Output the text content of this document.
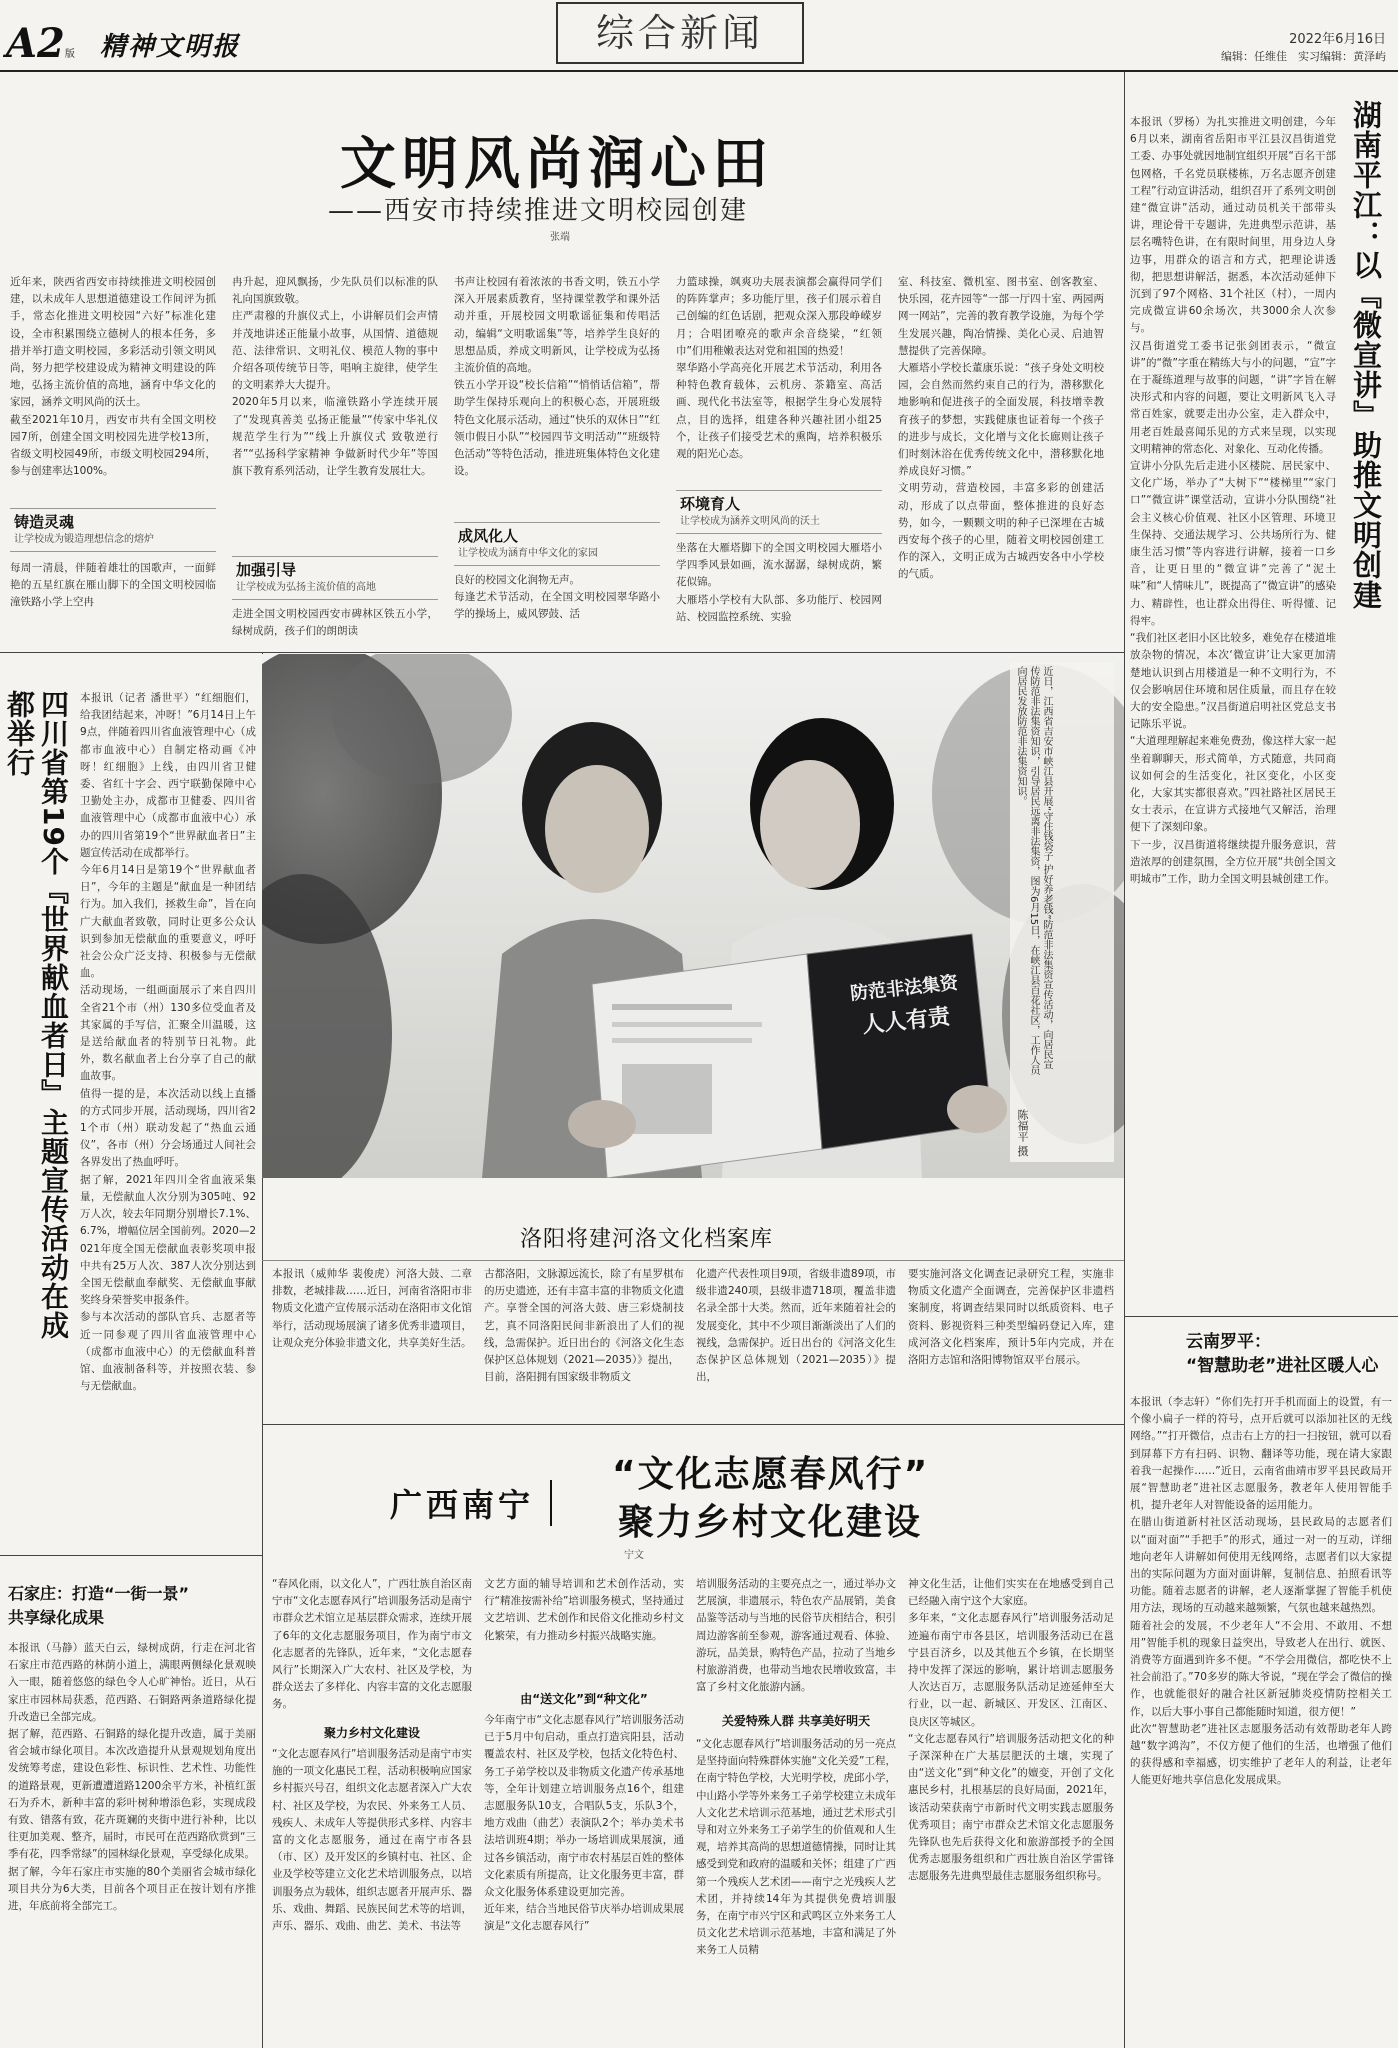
A2版 精神文明报	综合新闻	2022年6月16日
编辑：任维佳　实习编辑：黄泽屿
文明风尚润心田
——西安市持续推进文明校园创建
张端
近年来，陕西省西安市持续推进文明校园创建，以未成年人思想道德建设工作间评为抓手，常态化推进文明校园“六好”标准化建设，全市积累围绕立德树人的根本任务，多措并举打造文明校园，多彩活动引领文明风尚，努力把学校建设成为精神文明建设的阵地，弘扬主流价值的高地，涵育中华文化的家园，涵养文明风尚的沃土。
截至2021年10月，西安市共有全国文明校园7所，创建全国文明校园先进学校13所，省级文明校园49所，市级文明校园294所，参与创建率达100%。
铸造灵魂
让学校成为锻造理想信念的熔炉
每周一清晨，伴随着雄壮的国歌声，一面鲜艳的五星红旗在雁山脚下的全国文明校园临潼铁路小学上空冉
冉升起，迎风飘扬，少先队员们以标准的队礼向国旗致敬。
庄严肃穆的升旗仪式上，小讲解员们会声情并茂地讲述正能量小故事，从国情、道德规范、法律常识、文明礼仪、模范人物的事中介绍各项传统节日等，唱响主旋律，使学生的文明素养大大提升。
2020年5月以来，临潼铁路小学连续开展了“发现真善美 弘扬正能量”“传家中华礼仪 规范学生行为”“线上升旗仪式 致敬逆行者”“弘扬科学家精神 争做新时代少年”等国旗下教育系列活动，让学生教育发展壮大。
加强引导
让学校成为弘扬主流价值的高地
走进全国文明校园西安市碑林区铁五小学，绿树成荫，孩子们的朗朗读
书声让校园有着浓浓的书香文明，铁五小学深入开展素质教育，坚持课堂教学和课外活动并重，开展校园文明歌谣征集和传唱活动，编辑“文明歌谣集”等，培养学生良好的思想品质，养成文明新风，让学校成为弘扬主流价值的高地。
铁五小学开设“校长信箱”“悄悄话信箱”，帮助学生保持乐观向上的积极心态，开展班级特色文化展示活动，通过“快乐的双休日”“红领巾假日小队”“校园四节文明活动”“班级特色活动”等特色活动，推进班集体特色文化建设。
成风化人
让学校成为涵育中华文化的家园
良好的校园文化润物无声。
每逢艺术节活动，在全国文明校园翠华路小学的操场上，威风锣鼓、活
力篮球操，飒爽功夫展表演都会赢得同学们的阵阵掌声；多功能厅里，孩子们展示着自己创编的红色话剧，把观众深入那段峥嵘岁月；合唱团嘹亮的歌声余音绕梁，“红领巾”们用稚嫩表达对党和祖国的热爱！
翠华路小学高亮化开展艺术节活动，利用各种特色教育载体，云机房、茶籍室、高活画、现代化书法室等，根据学生身心发展特点，目的选择，组建各种兴趣社团小组25个，让孩子们接受艺术的熏陶，培养积极乐观的阳光心态。
环境育人
让学校成为涵养文明风尚的沃土
坐落在大雁塔脚下的全国文明校园大雁塔小学四季风景如画，流水潺潺，绿树成荫，繁花似锦。
大雁塔小学校有大队部、多功能厅、校园网站、校园监控系统、实验
室、科技室、微机室、图书室、创客教室、快乐园，花卉园等“一部一厅四十室、两园两网一网站”，完善的教育教学设施，为每个学生发展兴趣，陶冶情操、美化心灵、启迪智慧提供了完善保障。
大雁塔小学校长董康乐说：“孩子身处文明校园，会自然而然约束自己的行为，潜移默化地影响和促进孩子的全面发展，科技增幸教育孩子的梦想，实践健康也证着每一个孩子的进步与成长，文化增与文化长廊则让孩子们时刻沐浴在优秀传统文化中，潜移默化地养成良好习惯。”
文明劳动，营造校园，丰富多彩的创建活动，形成了以点带面，整体推进的良好态势，如今，一颗颗文明的种子已深埋在古城西安每个孩子的心里，随着文明校园创建工作的深入，文明正成为古城西安各中小学校的气质。	湖南平江：以『微宣讲』助推文明创建
本报讯（罗杨）为扎实推进文明创建，今年6月以来，湖南省岳阳市平江县汉昌街道党工委、办事处就因地制宜组织开展“百名干部包网格，千名党员联楼栋，万名志愿齐创建工程”行动宣讲活动，组织召开了系列文明创建“微宣讲”活动，通过动员机关干部带头讲，理论骨干专题讲，先进典型示范讲，基层名嘴特色讲，在有限时间里，用身边人身边事，用群众的语言和方式，把理论讲透彻，把思想讲解活，据悉，本次活动延伸下沉到了97个网格、31个社区（村），一周内完成微宣讲60余场次，共3000余人次参与。
汉昌街道党工委书记张剑团表示，“微宣讲”的“微”字重在精练大与小的问题，“宣”字在于凝练道理与故事的问题，“讲”字旨在解决形式和内容的问题，要让文明新风飞入寻常百姓家，就要走出办公室，走入群众中，用老百姓最喜闻乐见的方式来呈现，以实现文明精神的常态化、对象化、互动化传播。
宣讲小分队先后走进小区楼院、居民家中、文化广场，举办了“大树下”“楼梯里”“家门口”“微宣讲”课堂活动，宣讲小分队围绕“社会主义核心价值观、社区小区管理、环境卫生保持、交通法规学习、公共场所行为、健康生活习惯”等内容进行讲解，接着一口乡音，让更日里的“微宣讲”完善了“泥土味”和“人情味儿”，既提高了“微宣讲”的感染力、精辟性，也让群众出得住、听得懂、记得牢。
“我们社区老旧小区比较多，难免存在楼道堆放杂物的情况，本次‘微宣讲’让大家更加清楚地认识到占用楼道是一种不文明行为，不仅会影响居住环境和居住质量，而且存在较大的安全隐患。”汉昌街道启明社区党总支书记陈乐平说。
“大道理理解起来难免费劲，像这样大家一起坐着聊聊天，形式简单，方式随意，共同商议如何会的生活变化，社区变化，小区变化，大家其实都很喜欢。”四社路社区居民王女士表示，在宣讲方式接地气又解活，治理便下了深刻印象。
下一步，汉昌街道将继续提升服务意识，营造浓厚的创建氛围，全方位开展“共创全国文明城市”工作，助力全国文明县城创建工作。
云南罗平：
“智慧助老”进社区暖人心
本报讯（李志轩）“你们先打开手机而面上的设置，有一个像小扁子一样的符号，点开后就可以添加社区的无线网络。”“打开微信，点击右上方的扫一扫按钮，就可以看到屏幕下方有扫码、识物、翻译等功能，现在请大家跟着我一起操作……”近日，云南省曲靖市罗平县民政局开展“智慧助老”进社区志愿服务，教老年人使用智能手机，提升老年人对智能设备的运用能力。
在腊山街道新村社区活动现场，县民政局的志愿者们以“面对面”“手把手”的形式，通过一对一的互动，详细地向老年人讲解如何使用无线网络，志愿者们以大家提出的实际问题为方面对面讲解，复制信息、拍照看讯等功能。随着志愿者的讲解，老人逐渐掌握了智能手机使用方法，现场的互动越来越频繁，气氛也越来越热烈。
随着社会的发展，不少老年人“不会用、不敢用、不想用”智能手机的现象日益突出，导致老人在出行、就医、消费等方面遇到许多不便。“不学会用微信，都吃快不上社会前沿了。”70多岁的陈大爷说，“现在学会了微信的操作，也就能很好的融合社区新冠肺炎疫情防控相关工作，以后大事小事自己都能随时知道，很方便！”
此次“智慧助老”进社区志愿服务活动有效帮助老年人跨越“数字鸿沟”，不仅方便了他们的生活，也增强了他们的获得感和幸福感，切实维护了老年人的利益，让老年人能更好地共享信息化发展成果。
四川省第19个『世界献血者日』主题宣传活动在成都举行	本报讯（记者 潘世平）“红细胞们，给我团结起来，冲呀！”6月14日上午9点，伴随着四川省血液管理中心（成都市血液中心）自制定格动画《冲呀！红细胞》上线，由四川省卫健委、省红十字会、西宁联勤保障中心卫勤处主办，成都市卫健委、四川省血液管理中心（成都市血液中心）承办的四川省第19个“世界献血者日”主题宣传活动在成都举行。
今年6月14日是第19个“世界献血者日”，今年的主题是“献血是一种团结行为。加入我们，拯救生命”，旨在向广大献血者致敬，同时让更多公众认识到参加无偿献血的重要意义，呼吁社会公众广泛支持、积极参与无偿献血。
活动现场，一组画面展示了来自四川全省21个市（州）130多位受血者及其家属的手写信，汇聚全川温暖，这是送给献血者的特别节日礼物。此外，数名献血者上台分享了自己的献血故事。
值得一提的是，本次活动以线上直播的方式同步开展，活动现场，四川省21个市（州）联动发起了“热血云通仪”，各市（州）分会场通过人间社会各界发出了热血呼吁。
据了解，2021年四川全省血液采集量，无偿献血人次分别为305吨、92万人次，较去年同期分别增长7.1%、6.7%，增幅位居全国前列。2020—2021年度全国无偿献血表彰奖项申报中共有25万人次、387人次分别达到全国无偿献血奉献奖、无偿献血事献奖终身荣誉奖申报条件。
参与本次活动的部队官兵、志愿者等近一同参观了四川省血液管理中心（成都市血液中心）的无偿献血科普馆、血液制备科等，并按照衣装、参与无偿献血。
防范非法集资
人人有责	近日，江西省吉安市峡江县开展“守住钱袋子 护好养老钱”防范非法集资宣传活动，向居民宣传防范非法集资知识，引导居民远离非法集资，图为6月15日，在峡江县百花社区，工作人员向居民发放防范非法集资知识。
陈福平 摄
洛阳将建河洛文化档案库
本报讯（威帅华 裴俊虎）河洛大鼓、二章排数，老城排裁……近日，河南省洛阳市非物质文化遗产宣传展示活动在洛阳市文化馆举行，活动现场展演了诸多优秀非遗项目，让观众充分体验非遗文化，共享美好生活。
古都洛阳，文脉源远流长，除了有星罗棋布的历史遗迹，还有丰富丰富的非物质文化遗产。享誉全国的河洛大鼓、唐三彩烧制技艺，真不同洛阳民间非新浪出了人们的视线，急需保护。近日出台的《河洛文化生态保护区总体规划（2021—2035）》提出，
目前，洛阳拥有国家级非物质文
化遗产代表性项目9项，省级非遗89项，市级非遗240项，县级非遗718项，覆盖非遗名录全部十大类。然而，近年来随着社会的发展变化，其中不少项目渐渐淡出了人们的视线，急需保护。近日出台的《河洛文化生态保护区总体规划（2021—2035）》提出，
要实施河洛文化调查记录研究工程，实施非物质文化遗产全面调查，完善保护区非遗档案制度，将调查结果同时以纸质资料、电子资料、影视资料三种类型编码登记入库，建成河洛文化档案库，预计5年内完成，并在洛阳方志馆和洛阳博物馆双平台展示。
广西南宁
“文化志愿春风行”
聚力乡村文化建设
宁文
“春风化雨，以文化人”，广西壮族自治区南宁市“文化志愿春风行”培训服务活动是南宁市群众艺术馆立足基层群众需求，连续开展了6年的文化志愿服务项目，作为南宁市文化志愿者的先锋队，近年来，“文化志愿春风行”长期深入广大农村、社区及学校，为群众送去了多样化、内容丰富的文化志愿服务。
聚力乡村文化建设
“文化志愿春风行”培训服务活动是南宁市实施的一项文化惠民工程，活动积极响应国家乡村振兴号召，组织文化志愿者深入广大农村、社区及学校，为农民、外来务工人员、残疾人、未成年人等提供形式多样、内容丰富的文化志愿服务，通过在南宁市各县（市、区）及开发区的乡镇村屯、社区、企业及学校等建立文化艺术培训服务点，以培训服务点为载体，组织志愿者开展声乐、器乐、戏曲、舞蹈、民族民间艺术等的培训，声乐、器乐、戏曲、曲艺、美术、书法等
文艺方面的辅导培训和艺术创作活动，实行“精准按需补给”培训服务模式，坚持通过文艺培训、艺术创作和民俗文化推动乡村文化繁荣，有力推动乡村振兴战略实施。
由“送文化”到“种文化”
今年南宁市“文化志愿春风行”培训服务活动已于5月中旬启动，重点打造宾阳县，活动覆盖农村、社区及学校，包括文化特色村、务工子弟学校以及非物质文化遗产传承基地等，全年计划建立培训服务点16个，组建志愿服务队10支，合唱队5支，乐队3个，地方戏曲（曲艺）表演队2个；举办美术书法培训班4期；举办一场培训成果展演，通过各乡镇活动，南宁市农村基层百姓的整体文化素质有所提高，让文化服务更丰富，群众文化服务体系建设更加完善。
近年来，结合当地民俗节庆举办培训成果展演是“文化志愿春风行”
培训服务活动的主要亮点之一，通过举办文艺展演，非遗展示，特色农产品展销，美食品鉴等活动与当地的民俗节庆相结合，积引周边游客前至参观，游客通过观看、体验、游玩，品美景，购特色产品，拉动了当地乡村旅游消费，也带动当地农民增收致富，丰富了乡村文化旅游内涵。
关爱特殊人群 共享美好明天
“文化志愿春风行”培训服务活动的另一亮点是坚持面向特殊群体实施“文化关爱”工程，在南宁特色学校，大光明学校，虎邱小学，中山路小学等外来务工子弟学校建立未成年人文化艺术培训示范基地，通过艺术形式引导和对立外来务工子弟学生的价值观和人生观，培养其高尚的思想道德情操，同时让其感受到党和政府的温暖和关怀；组建了广西第一个残疾人艺术团——南宁之光残疾人艺术团，并持续14年为其提供免费培训服务，在南宁市兴宁区和武鸣区立外来务工人员文化艺术培训示范基地，丰富和满足了外来务工人员精
神文化生活，让他们实实在在地感受到自己已经融入南宁这个大家庭。
多年来，“文化志愿春风行”培训服务活动足迹遍布南宁市各县区，培训服务活动已在邕宁县百济乡，以及其他五个乡镇，在长期坚持中发挥了深远的影响，累计培训志愿服务人次达百万，志愿服务队活动足迹延伸至大行业，以一起、新城区、开发区、江南区、良庆区等城区。
“文化志愿春风行”培训服务活动把文化的种子深深种在广大基层肥沃的土壤，实现了由“送文化”到“种文化”的嬗变，开创了文化惠民乡村，扎根基层的良好局面，2021年，该活动荣获南宁市新时代文明实践志愿服务优秀项目；南宁市群众艺术馆文化志愿服务先锋队也先后获得文化和旅游部授予的全国优秀志愿服务组织和广西壮族自治区学雷锋志愿服务先进典型最佳志愿服务组织称号。
石家庄：打造“一街一景”
共享绿化成果
本报讯（马静）蓝天白云，绿树成荫，行走在河北省石家庄市范西路的林荫小道上，满眼两侧绿化景观映入一眼，随着悠悠的绿色令人心旷神怡。近日，从石家庄市园林局获悉，范西路、石铜路两条道路绿化提升改造已全部完成。
据了解，范西路、石铜路的绿化提升改造，属于美丽省会城市绿化项目。本次改造提升从景观规划角度出发统筹考虑，建设色彩性、标识性、艺术性、功能性的道路景观，更新遭遭道路1200余平方米，补植红蛋石为乔木，新种丰富的彩叶树种增添色彩，实现成段有致、错落有致，花卉斑斓的夹街中进行补种，比以往更加美观、整齐，届时，市民可在范西路欣赏到“三季有花，四季常绿”的园林绿化景观，享受绿化成果。
据了解，今年石家庄市实施的80个美丽省会城市绿化项目共分为6大类，目前各个项目正在按计划有序推进，年底前将全部完工。
